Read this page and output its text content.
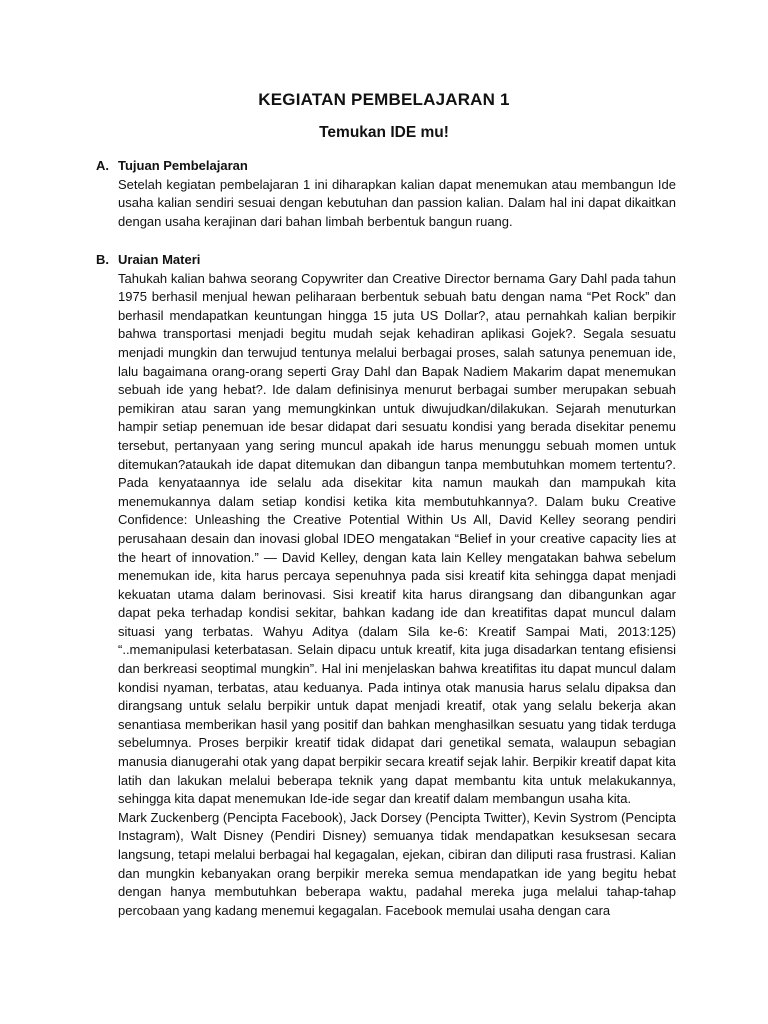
KEGIATAN PEMBELAJARAN 1
Temukan IDE mu!
A. Tujuan Pembelajaran

Setelah kegiatan pembelajaran 1 ini diharapkan kalian dapat menemukan atau membangun Ide usaha kalian sendiri sesuai dengan kebutuhan dan passion kalian. Dalam hal ini dapat dikaitkan dengan usaha kerajinan dari bahan limbah berbentuk bangun ruang.

B. Uraian Materi

Tahukah kalian bahwa seorang Copywriter dan Creative Director bernama Gary Dahl pada tahun 1975 berhasil menjual hewan peliharaan berbentuk sebuah batu dengan nama “Pet Rock” dan berhasil mendapatkan keuntungan hingga 15 juta US Dollar?, atau pernahkah kalian berpikir bahwa transportasi menjadi begitu mudah sejak kehadiran aplikasi Gojek?. Segala sesuatu menjadi mungkin dan terwujud tentunya melalui berbagai proses, salah satunya penemuan ide, lalu bagaimana orang-orang seperti Gray Dahl dan Bapak Nadiem Makarim dapat menemukan sebuah ide yang hebat?. Ide dalam definisinya menurut berbagai sumber merupakan sebuah pemikiran atau saran yang memungkinkan untuk diwujudkan/dilakukan. Sejarah menuturkan hampir setiap penemuan ide besar didapat dari sesuatu kondisi yang berada disekitar penemu tersebut, pertanyaan yang sering muncul apakah ide harus menunggu sebuah momen untuk ditemukan?ataukah ide dapat ditemukan dan dibangun tanpa membutuhkan momem tertentu?. Pada kenyataannya ide selalu ada disekitar kita namun maukah dan mampukah kita menemukannya dalam setiap kondisi ketika kita membutuhkannya?. Dalam buku Creative Confidence: Unleashing the Creative Potential Within Us All, David Kelley seorang pendiri perusahaan desain dan inovasi global IDEO mengatakan “Belief in your creative capacity lies at the heart of innovation.” — David Kelley, dengan kata lain Kelley mengatakan bahwa sebelum menemukan ide, kita harus percaya sepenuhnya pada sisi kreatif kita sehingga dapat menjadi kekuatan utama dalam berinovasi. Sisi kreatif kita harus dirangsang dan dibangunkan agar dapat peka terhadap kondisi sekitar, bahkan kadang ide dan kreatifitas dapat muncul dalam situasi yang terbatas. Wahyu Aditya (dalam Sila ke-6: Kreatif Sampai Mati, 2013:125) “..memanipulasi keterbatasan. Selain dipacu untuk kreatif, kita juga disadarkan tentang efisiensi dan berkreasi seoptimal mungkin”. Hal ini menjelaskan bahwa kreatifitas itu dapat muncul dalam kondisi nyaman, terbatas, atau keduanya. Pada intinya otak manusia harus selalu dipaksa dan dirangsang untuk selalu berpikir untuk dapat menjadi kreatif, otak yang selalu bekerja akan senantiasa memberikan hasil yang positif dan bahkan menghasilkan sesuatu yang tidak terduga sebelumnya. Proses berpikir kreatif tidak didapat dari genetikal semata, walaupun sebagian manusia dianugerahi otak yang dapat berpikir secara kreatif sejak lahir. Berpikir kreatif dapat kita latih dan lakukan melalui beberapa teknik yang dapat membantu kita untuk melakukannya, sehingga kita dapat menemukan Ide-ide segar dan kreatif dalam membangun usaha kita.

Mark Zuckenberg (Pencipta Facebook), Jack Dorsey (Pencipta Twitter), Kevin Systrom (Pencipta Instagram), Walt Disney (Pendiri Disney) semuanya tidak mendapatkan kesuksesan secara langsung, tetapi melalui berbagai hal kegagalan, ejekan, cibiran dan diliputi rasa frustrasi. Kalian dan mungkin kebanyakan orang berpikir mereka semua mendapatkan ide yang begitu hebat dengan hanya membutuhkan beberapa waktu, padahal mereka juga melalui tahap-tahap percobaan yang kadang menemui kegagalan. Facebook memulai usaha dengan cara
